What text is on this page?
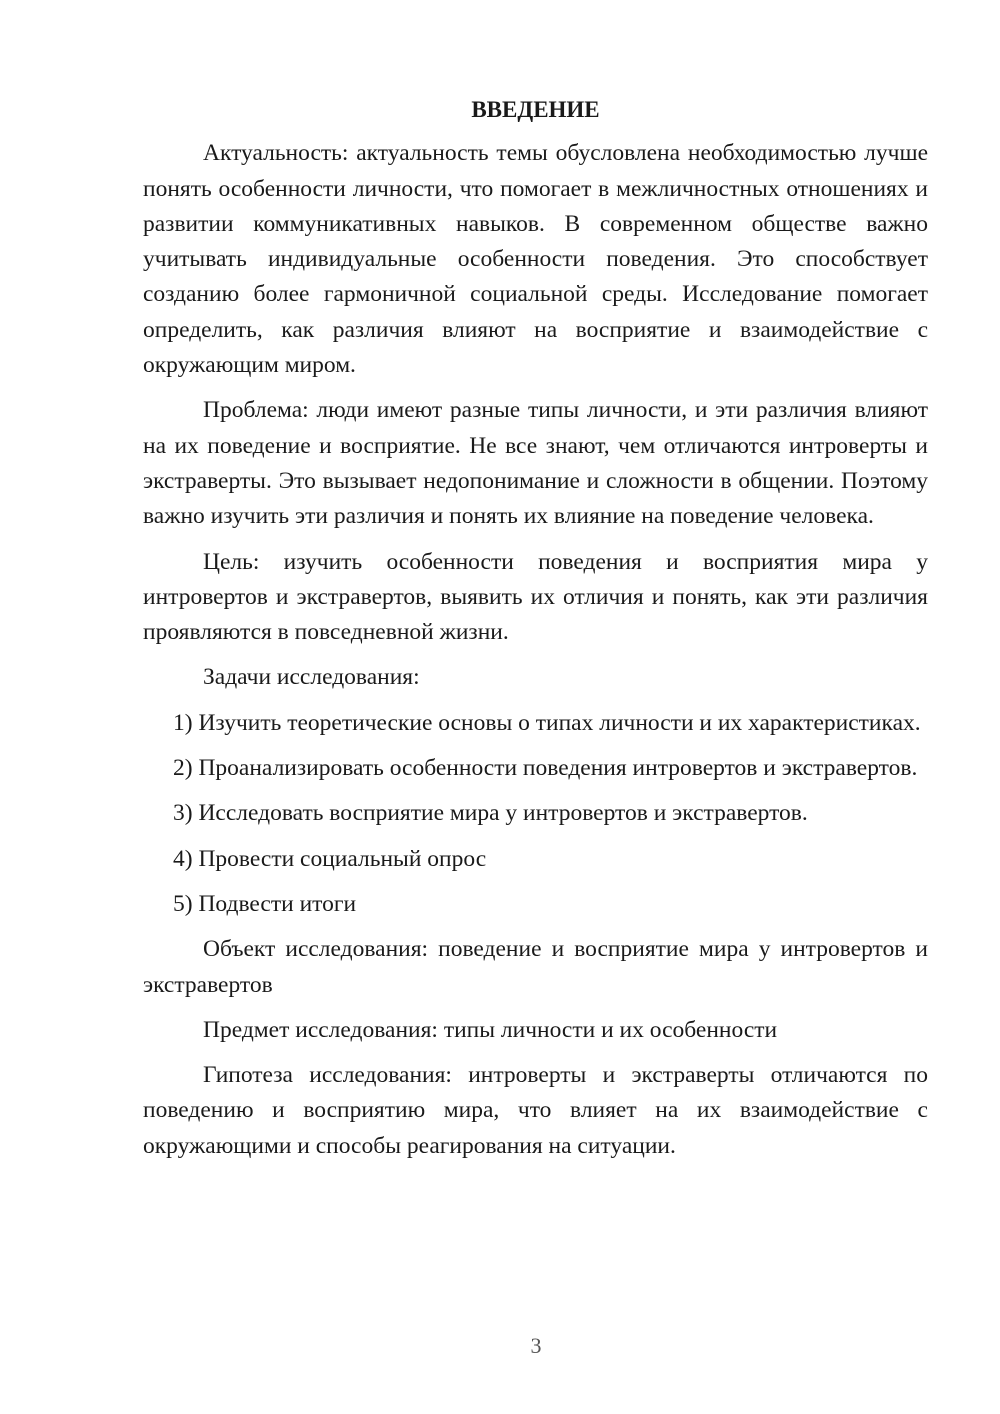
ВВЕДЕНИЕ

Актуальность: актуальность темы обусловлена необходимостью лучше понять особенности личности, что помогает в межличностных отношениях и развитии коммуникативных навыков. В современном обществе важно учитывать индивидуальные особенности поведения. Это способствует созданию более гармоничной социальной среды. Исследование помогает определить, как различия влияют на восприятие и взаимодействие с окружающим миром.

Проблема: люди имеют разные типы личности, и эти различия влияют на их поведение и восприятие. Не все знают, чем отличаются интроверты и экстраверты. Это вызывает недопонимание и сложности в общении. Поэтому важно изучить эти различия и понять их влияние на поведение человека.

Цель: изучить особенности поведения и восприятия мира у интровертов и экстравертов, выявить их отличия и понять, как эти различия проявляются в повседневной жизни.

Задачи исследования:

1) Изучить теоретические основы о типах личности и их характеристиках.

2) Проанализировать особенности поведения интровертов и экстравертов.

3) Исследовать восприятие мира у интровертов и экстравертов.

4) Провести социальный опрос

5) Подвести итоги

Объект исследования: поведение и восприятие мира у интровертов и экстравертов

Предмет исследования: типы личности и их особенности

Гипотеза исследования: интроверты и экстраверты отличаются по поведению и восприятию мира, что влияет на их взаимодействие с окружающими и способы реагирования на ситуации.

3
